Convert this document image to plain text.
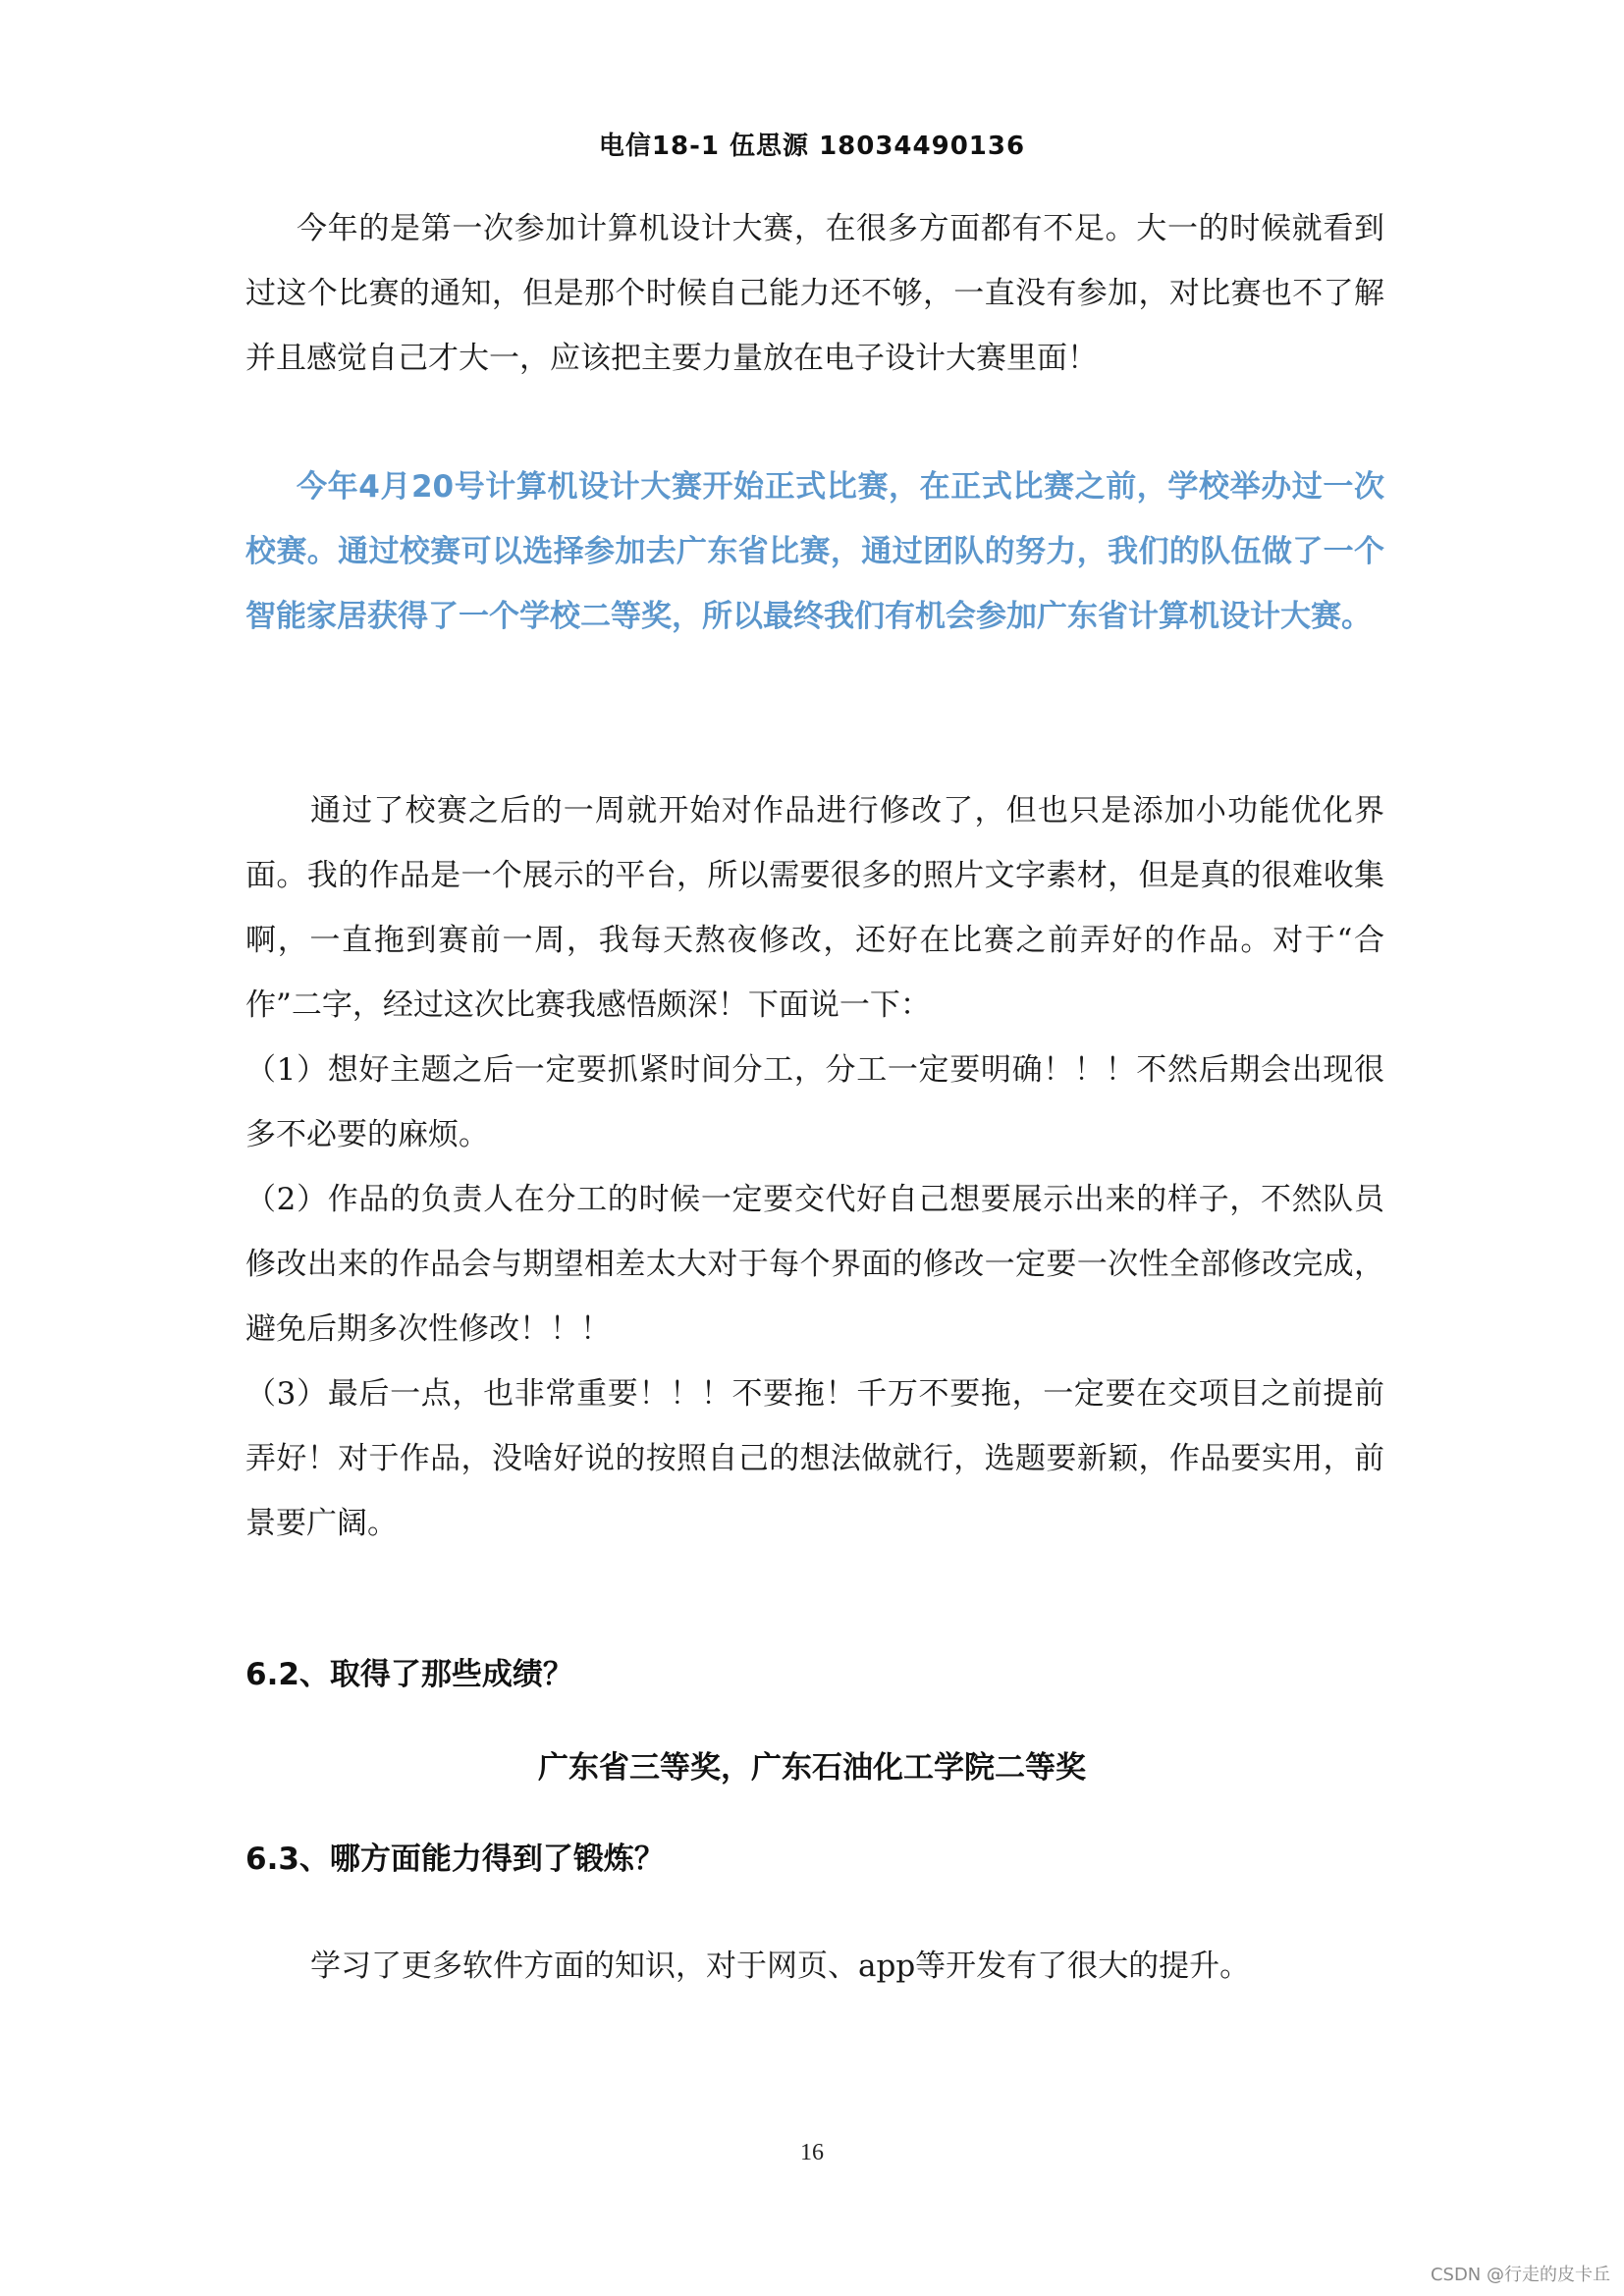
电信18-1 伍思源 18034490136

今年的是第一次参加计算机设计大赛，在很多方面都有不足。大一的时候就看到过这个比赛的通知，但是那个时候自己能力还不够，一直没有参加，对比赛也不了解并且感觉自己才大一，应该把主要力量放在电子设计大赛里面！

今年4月20号计算机设计大赛开始正式比赛，在正式比赛之前，学校举办过一次校赛。通过校赛可以选择参加去广东省比赛，通过团队的努力，我们的队伍做了一个智能家居获得了一个学校二等奖，所以最终我们有机会参加广东省计算机设计大赛。

通过了校赛之后的一周就开始对作品进行修改了，但也只是添加小功能优化界面。我的作品是一个展示的平台，所以需要很多的照片文字素材，但是真的很难收集啊，一直拖到赛前一周，我每天熬夜修改，还好在比赛之前弄好的作品。对于“合作”二字，经过这次比赛我感悟颇深！下面说一下：
（1）想好主题之后一定要抓紧时间分工，分工一定要明确！！！不然后期会出现很多不必要的麻烦。
（2）作品的负责人在分工的时候一定要交代好自己想要展示出来的样子，不然队员修改出来的作品会与期望相差太大对于每个界面的修改一定要一次性全部修改完成，避免后期多次性修改！！！
（3）最后一点，也非常重要！！！不要拖！千万不要拖，一定要在交项目之前提前弄好！对于作品，没啥好说的按照自己的想法做就行，选题要新颖，作品要实用，前景要广阔。
6.2、取得了那些成绩？

广东省三等奖，广东石油化工学院二等奖

6.3、哪方面能力得到了锻炼？

学习了更多软件方面的知识，对于网页、app等开发有了很大的提升。

16
CSDN @行走的皮卡丘
